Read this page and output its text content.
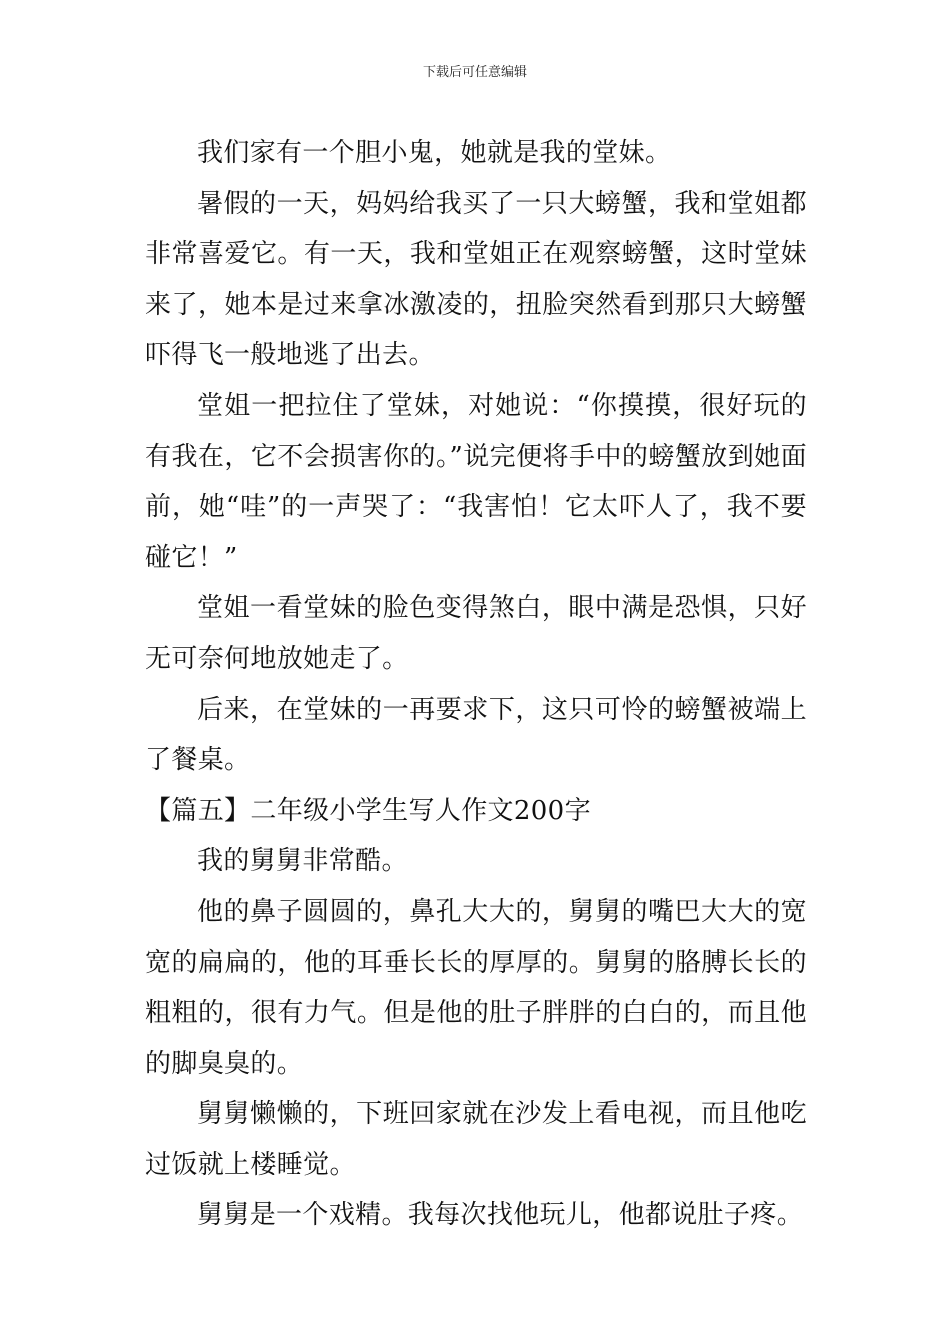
下载后可任意编辑

我们家有一个胆小鬼，她就是我的堂妹。

暑假的一天，妈妈给我买了一只大螃蟹，我和堂姐都非常喜爱它。有一天，我和堂姐正在观察螃蟹，这时堂妹来了，她本是过来拿冰激凌的，扭脸突然看到那只大螃蟹吓得飞一般地逃了出去。

堂姐一把拉住了堂妹，对她说：“你摸摸，很好玩的有我在，它不会损害你的。”说完便将手中的螃蟹放到她面前，她“哇”的一声哭了：“我害怕！它太吓人了，我不要碰它！”

堂姐一看堂妹的脸色变得煞白，眼中满是恐惧，只好无可奈何地放她走了。

后来，在堂妹的一再要求下，这只可怜的螃蟹被端上了餐桌。

【篇五】二年级小学生写人作文200字

我的舅舅非常酷。

他的鼻子圆圆的，鼻孔大大的，舅舅的嘴巴大大的宽宽的扁扁的，他的耳垂长长的厚厚的。舅舅的胳膊长长的粗粗的，很有力气。但是他的肚子胖胖的白白的，而且他的脚臭臭的。

舅舅懒懒的，下班回家就在沙发上看电视，而且他吃过饭就上楼睡觉。

舅舅是一个戏精。我每次找他玩儿，他都说肚子疼。
